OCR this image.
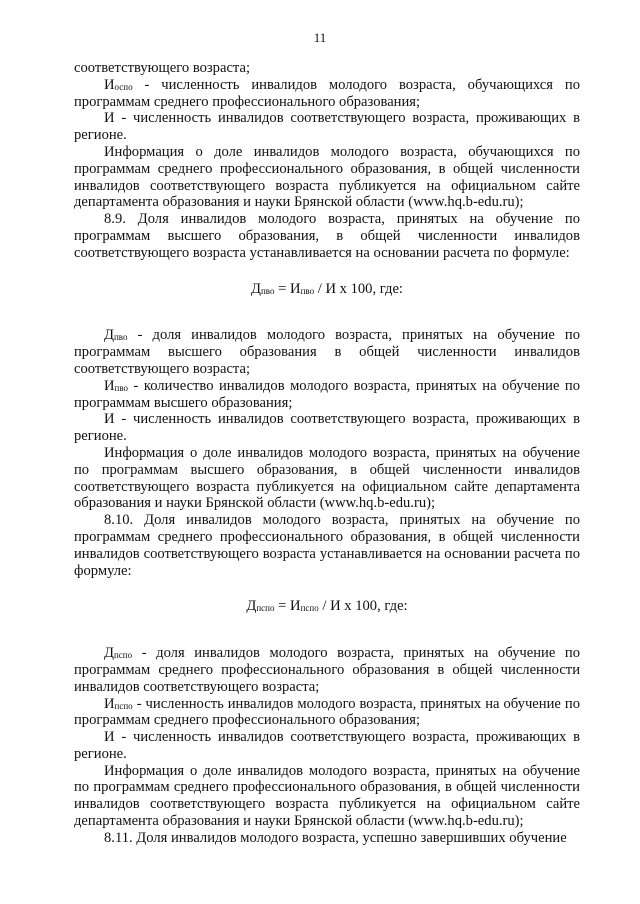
11

соответствующего возраста;

$И_{оспо}$ - численность инвалидов молодого возраста, обучающихся по программам среднего профессионального образования;

И - численность инвалидов соответствующего возраста, проживающих в регионе.

Информация о доле инвалидов молодого возраста, обучающихся по программам среднего профессионального образования, в общей численности инвалидов соответствующего возраста публикуется на официальном сайте департамента образования и науки Брянской области (www.hq.b-edu.ru);

8.9. Доля инвалидов молодого возраста, принятых на обучение по программам высшего образования, в общей численности инвалидов соответствующего возраста устанавливается на основании расчета по формуле:

$Д_{пво} = И_{пво} / И$ х 100, где:

$Д_{пво}$ - доля инвалидов молодого возраста, принятых на обучение по программам высшего образования в общей численности инвалидов соответствующего возраста;

$И_{пво}$ - количество инвалидов молодого возраста, принятых на обучение по программам высшего образования;

И - численность инвалидов соответствующего возраста, проживающих в регионе.

Информация о доле инвалидов молодого возраста, принятых на обучение по программам высшего образования, в общей численности инвалидов соответствующего возраста публикуется на официальном сайте департамента образования и науки Брянской области (www.hq.b-edu.ru);

8.10. Доля инвалидов молодого возраста, принятых на обучение по программам среднего профессионального образования, в общей численности инвалидов соответствующего возраста устанавливается на основании расчета по формуле:

$Д_{пспо} = И_{пспо} / И$ х 100, где:

$Д_{пспо}$ - доля инвалидов молодого возраста, принятых на обучение по программам среднего профессионального образования в общей численности инвалидов соответствующего возраста;

$И_{пспо}$ - численность инвалидов молодого возраста, принятых на обучение по программам среднего профессионального образования;

И - численность инвалидов соответствующего возраста, проживающих в регионе.

Информация о доле инвалидов молодого возраста, принятых на обучение по программам среднего профессионального образования, в общей численности инвалидов соответствующего возраста публикуется на официальном сайте департамента образования и науки Брянской области (www.hq.b-edu.ru);

8.11. Доля инвалидов молодого возраста, успешно завершивших обучение
